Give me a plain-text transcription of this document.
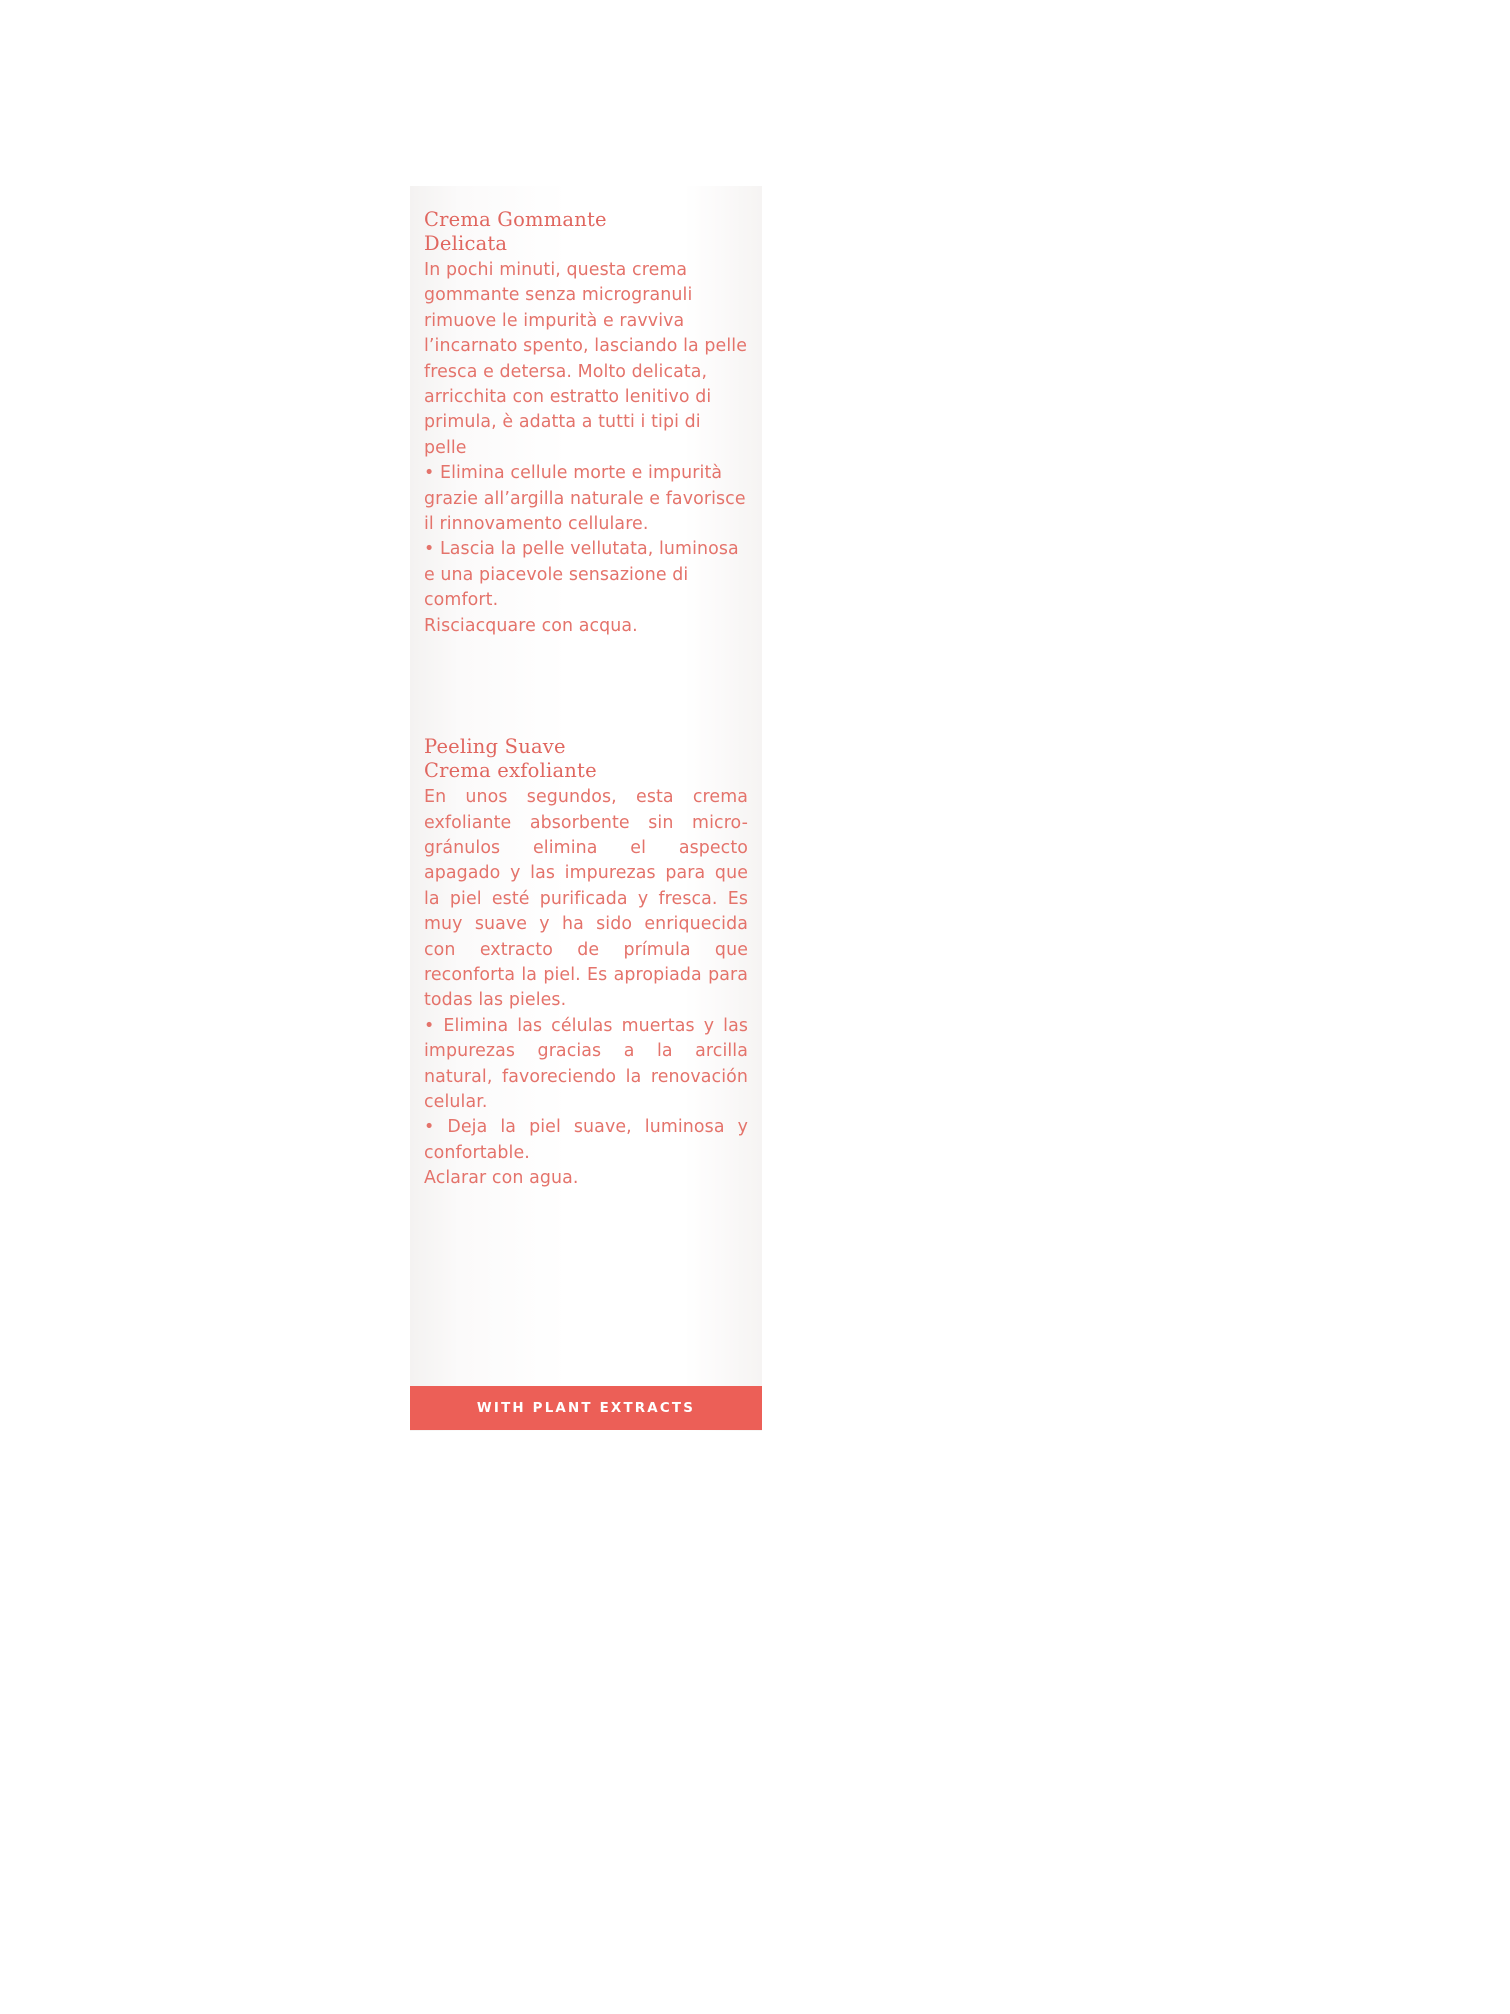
Crema Gommante
Delicata

In pochi minuti, questa crema gommante senza microgranuli rimuove le impurità e ravviva l’incarnato spento, lasciando la pelle fresca e detersa. Molto delicata, arricchita con estratto lenitivo di primula, è adatta a tutti i tipi di pelle

• Elimina cellule morte e impurità grazie all’argilla naturale e favorisce il rinnovamento cellulare.

• Lascia la pelle vellutata, luminosa e una piacevole sensazione di comfort.

Risciacquare con acqua.

Peeling Suave
Crema exfoliante

En unos segundos, esta crema exfoliante absorbente sin micro-gránulos elimina el aspecto apagado y las impurezas para que la piel esté purificada y fresca. Es muy suave y ha sido enriquecida con extracto de prímula que reconforta la piel. Es apropiada para todas las pieles.

• Elimina las células muertas y las impurezas gracias a la arcilla natural, favoreciendo la renovación celular.

• Deja la piel suave, luminosa y confortable.

Aclarar con agua.

WITH PLANT EXTRACTS
